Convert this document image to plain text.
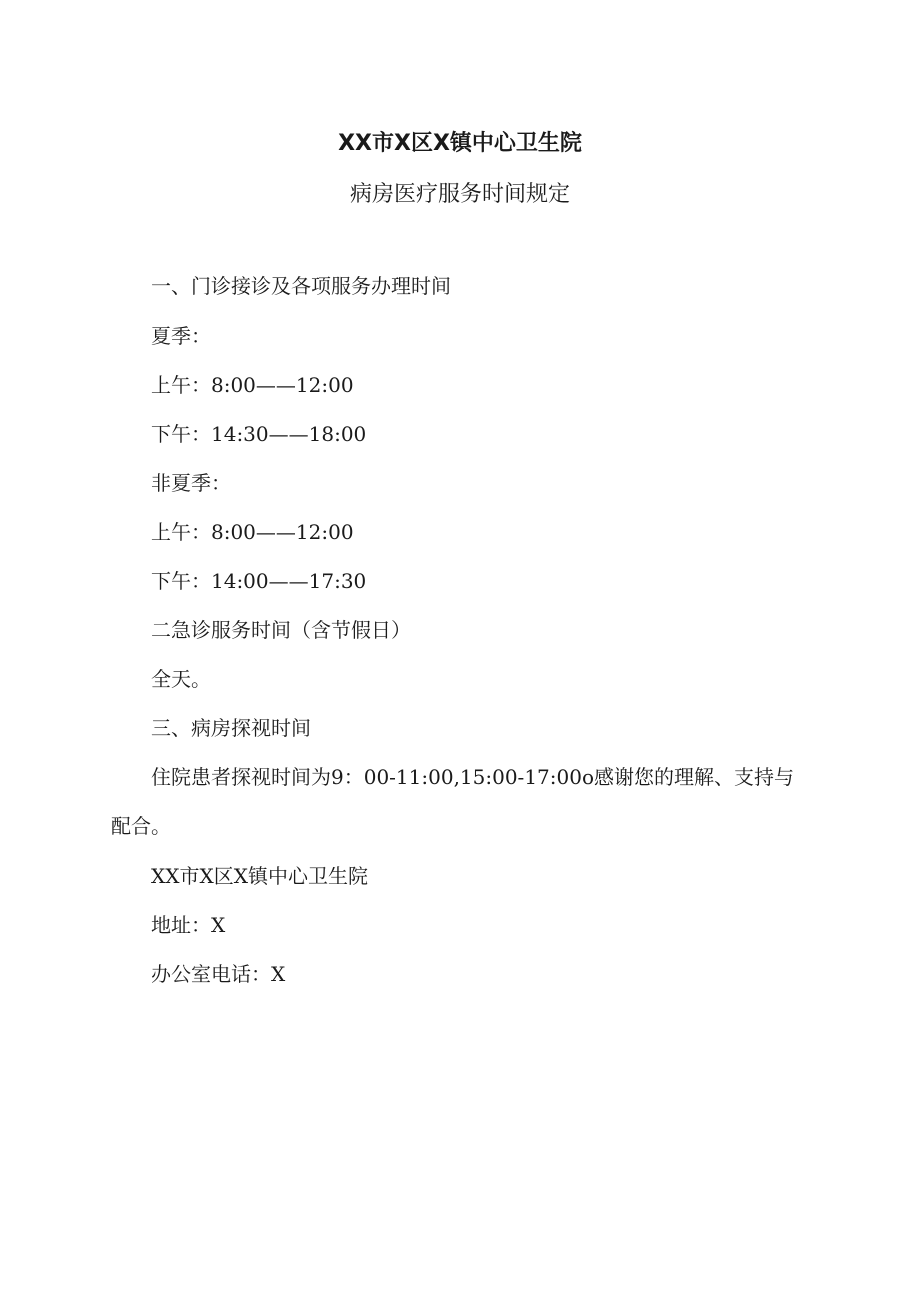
XX市X区X镇中心卫生院
病房医疗服务时间规定
一、门诊接诊及各项服务办理时间
夏季：
上午：8:00——12:00
下午：14:30——18:00
非夏季：
上午：8:00——12:00
下午：14:00——17:30
二急诊服务时间（含节假日）
全天。
三、病房探视时间
住院患者探视时间为9：00-11:00,15:00-17:00o感谢您的理解、支持与
配合。
XX市X区X镇中心卫生院
地址：X
办公室电话：X
